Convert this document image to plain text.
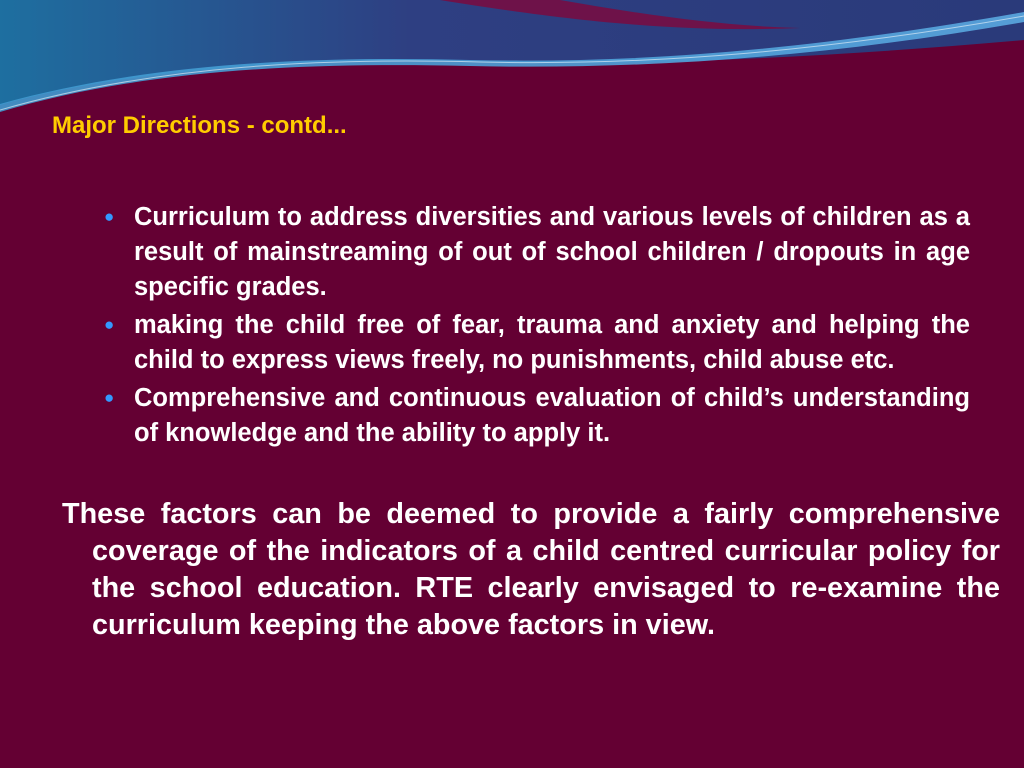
Major Directions - contd...
● Curriculum to address diversities and various levels of children as a result of mainstreaming of out of school children / dropouts in age specific grades.
● making the child free of fear, trauma and anxiety and helping the child to express views freely, no punishments, child abuse etc.
● Comprehensive and continuous evaluation of child’s understanding of knowledge and the ability to apply it.

These factors can be deemed to provide a fairly comprehensive coverage of the indicators of a child centred curricular policy for the school education. RTE clearly envisaged to re-examine the curriculum keeping the above factors in view.
